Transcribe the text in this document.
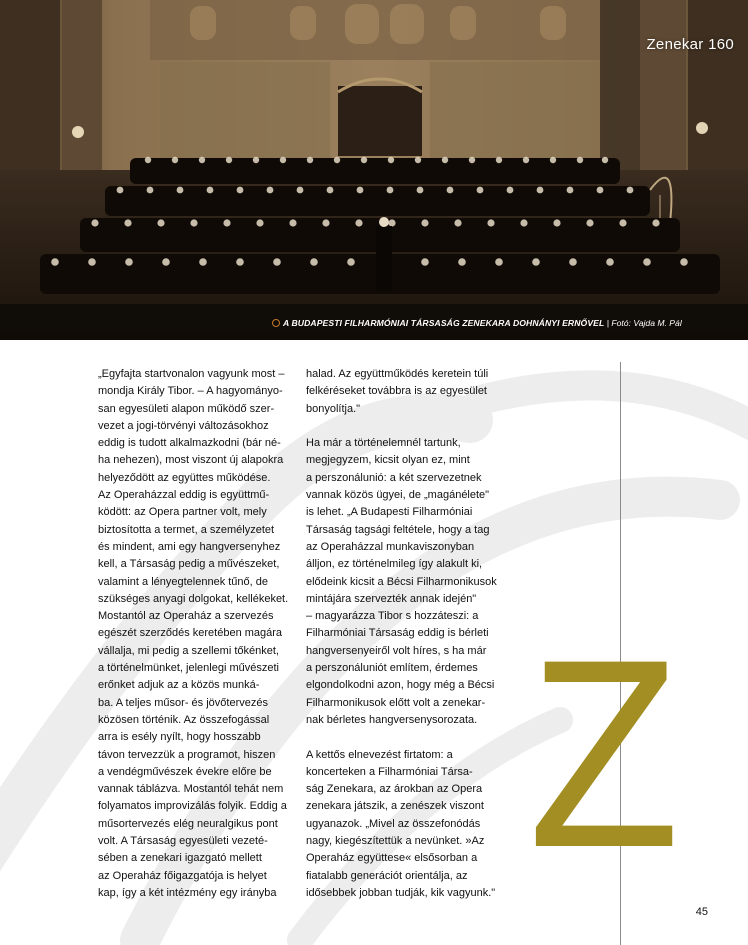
Zenekar 160
A BUDAPESTI FILHARMÓNIAI TÁRSASÁG ZENEKARA DOHNÁNYI ERNŐVEL | Fotó: Vajda M. Pál

„Egyfajta startvonalon vagyunk most –

mondja Király Tibor. – A hagyományo-

san egyesületi alapon működő szer-

vezet a jogi-törvényi változásokhoz

eddig is tudott alkalmazkodni (bár né-

ha nehezen), most viszont új alapokra

helyeződött az együttes működése.

Az Operaházzal eddig is együttmű-

ködött: az Opera partner volt, mely

biztosította a termet, a személyzetet

és mindent, ami egy hangversenyhez

kell, a Társaság pedig a művészeket,

valamint a lényegtelennek tűnő, de

szükséges anyagi dolgokat, kellékeket.

Mostantól az Operaház a szervezés

egészét szerződés keretében magára

vállalja, mi pedig a szellemi tőkénket,

a történelmünket, jelenlegi művészeti

erőnket adjuk az a közös munká-

ba. A teljes műsor- és jövőtervezés

közösen történik. Az összefogással

arra is esély nyílt, hogy hosszabb

távon tervezzük a programot, hiszen

a vendégművészek évekre előre be

vannak táblázva. Mostantól tehát nem

folyamatos improvizálás folyik. Eddig a

műsortervezés elég neuralgikus pont

volt. A Társaság egyesületi vezeté-

sében a zenekari igazgató mellett

az Operaház főigazgatója is helyet

kap, így a két intézmény egy irányba

halad. Az együttműködés keretein túli

felkéréseket továbbra is az egyesület

bonyolítja."

Ha már a történelemnél tartunk,

megjegyzem, kicsit olyan ez, mint

a perszonálunió: a két szervezetnek

vannak közös ügyei, de „magánélete"

is lehet. „A Budapesti Filharmóniai

Társaság tagsági feltétele, hogy a tag

az Operaházzal munkaviszonyban

álljon, ez történelmileg így alakult ki,

elődeink kicsit a Bécsi Filharmonikusok

mintájára szervezték annak idején"

– magyarázza Tibor s hozzáteszi: a

Filharmóniai Társaság eddig is bérleti

hangversenyeiről volt híres, s ha már

a perszonáluniót említem, érdemes

elgondolkodni azon, hogy még a Bécsi

Filharmonikusok előtt volt a zenekar-

nak bérletes hangversenysorozata.

A kettős elnevezést firtatom: a

koncerteken a Filharmóniai Társa-

ság Zenekara, az árokban az Opera

zenekara játszik, a zenészek viszont

ugyanazok. „Mivel az összefonódás

nagy, kiegészítettük a nevünket. »Az

Operaház együttese« elsősorban a

fiatalabb generációt orientálja, az

idősebbek jobban tudják, kik vagyunk." Z
45
